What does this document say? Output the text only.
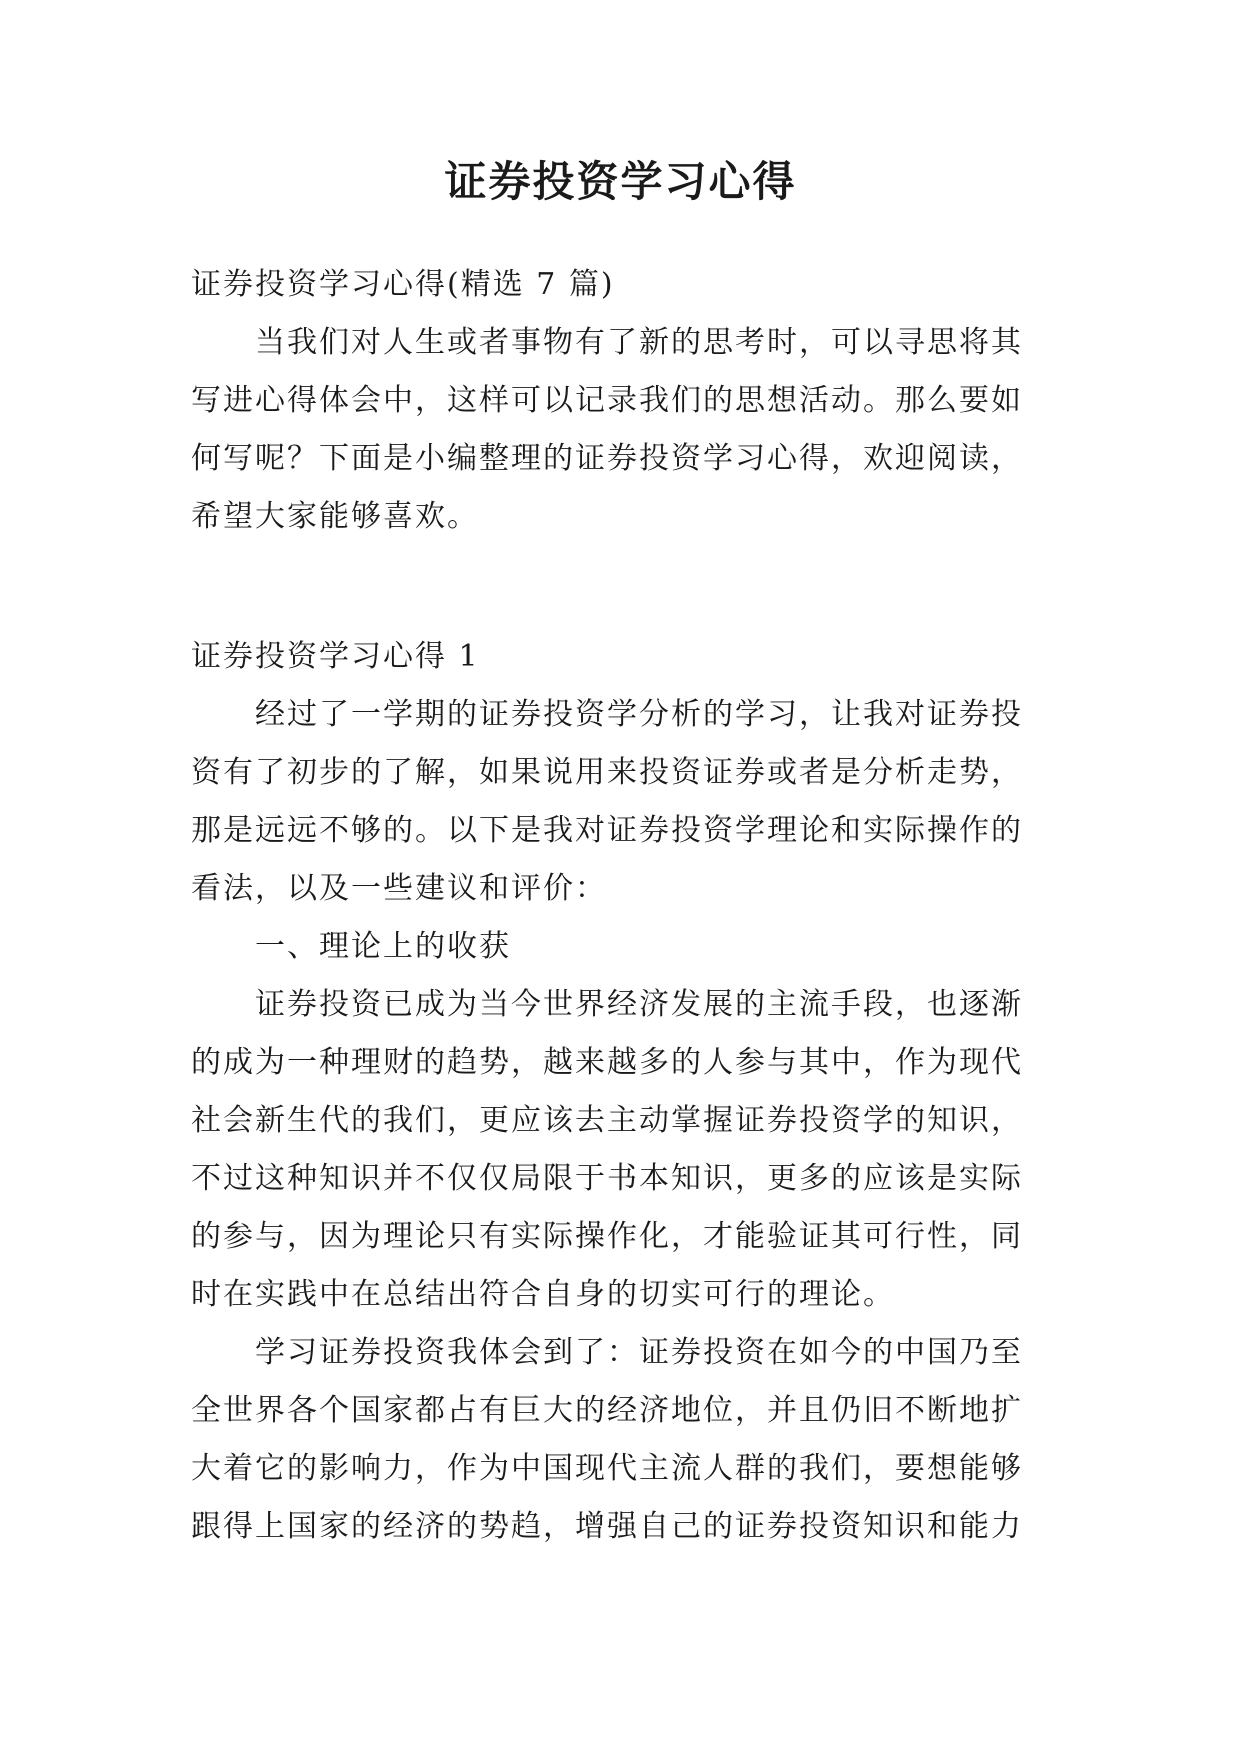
证券投资学习心得
证券投资学习心得(精选 7 篇)
当我们对人生或者事物有了新的思考时，可以寻思将其
写进心得体会中，这样可以记录我们的思想活动。那么要如
何写呢？下面是小编整理的证券投资学习心得，欢迎阅读，
希望大家能够喜欢。
证券投资学习心得 1
经过了一学期的证券投资学分析的学习，让我对证券投
资有了初步的了解，如果说用来投资证券或者是分析走势，
那是远远不够的。以下是我对证券投资学理论和实际操作的
看法，以及一些建议和评价：
一、理论上的收获
证券投资已成为当今世界经济发展的主流手段，也逐渐
的成为一种理财的趋势，越来越多的人参与其中，作为现代
社会新生代的我们，更应该去主动掌握证券投资学的知识，
不过这种知识并不仅仅局限于书本知识，更多的应该是实际
的参与，因为理论只有实际操作化，才能验证其可行性，同
时在实践中在总结出符合自身的切实可行的理论。
学习证券投资我体会到了：证券投资在如今的中国乃至
全世界各个国家都占有巨大的经济地位，并且仍旧不断地扩
大着它的影响力，作为中国现代主流人群的我们，要想能够
跟得上国家的经济的势趋，增强自己的证券投资知识和能力
